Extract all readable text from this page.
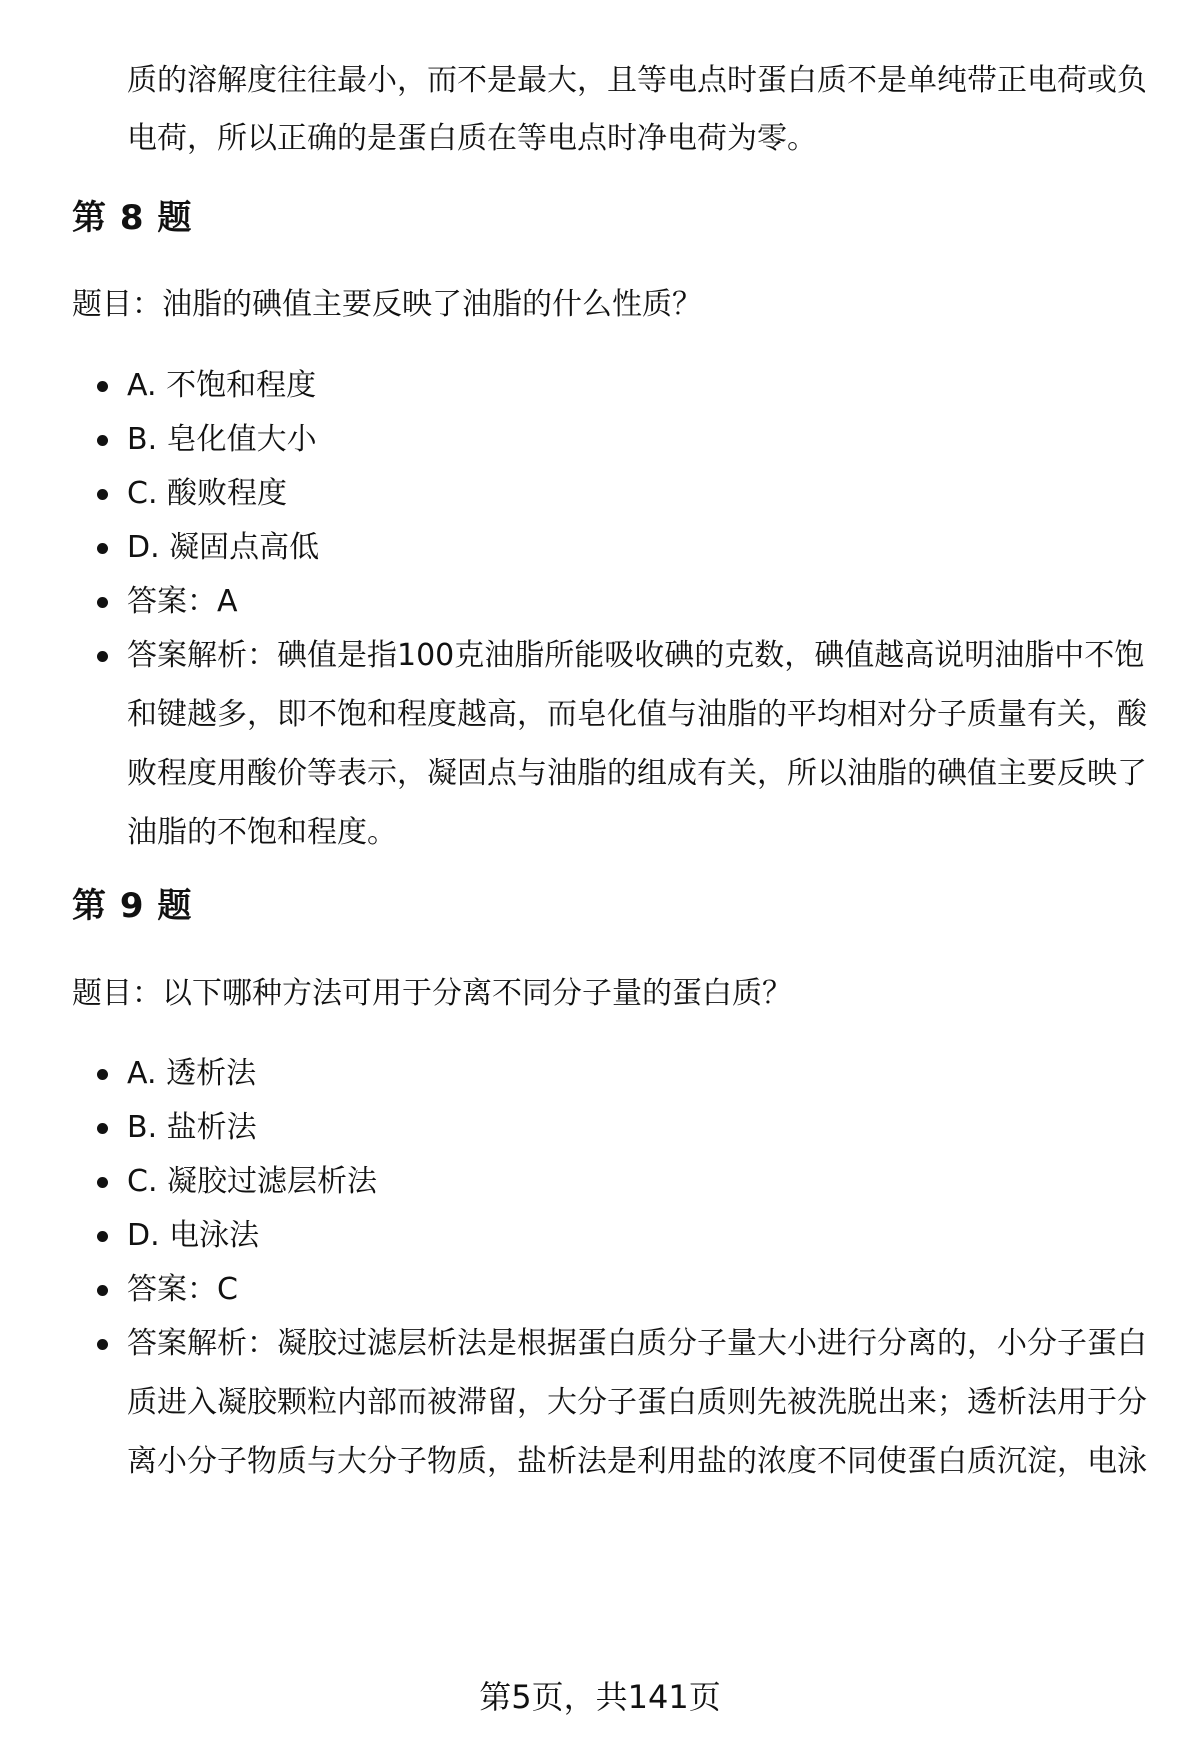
质的溶解度往往最小，而不是最大，且等电点时蛋白质不是单纯带正电荷或负电荷，所以正确的是蛋白质在等电点时净电荷为零。
第 8 题
题目：油脂的碘值主要反映了油脂的什么性质？
A. 不饱和程度
B. 皂化值大小
C. 酸败程度
D. 凝固点高低
答案：A
答案解析：碘值是指100克油脂所能吸收碘的克数，碘值越高说明油脂中不饱和键越多，即不饱和程度越高，而皂化值与油脂的平均相对分子质量有关，酸败程度用酸价等表示，凝固点与油脂的组成有关，所以油脂的碘值主要反映了油脂的不饱和程度。
第 9 题
题目：以下哪种方法可用于分离不同分子量的蛋白质？
A. 透析法
B. 盐析法
C. 凝胶过滤层析法
D. 电泳法
答案：C
答案解析：凝胶过滤层析法是根据蛋白质分子量大小进行分离的，小分子蛋白质进入凝胶颗粒内部而被滞留，大分子蛋白质则先被洗脱出来；透析法用于分离小分子物质与大分子物质，盐析法是利用盐的浓度不同使蛋白质沉淀，电泳
第5页，共141页
